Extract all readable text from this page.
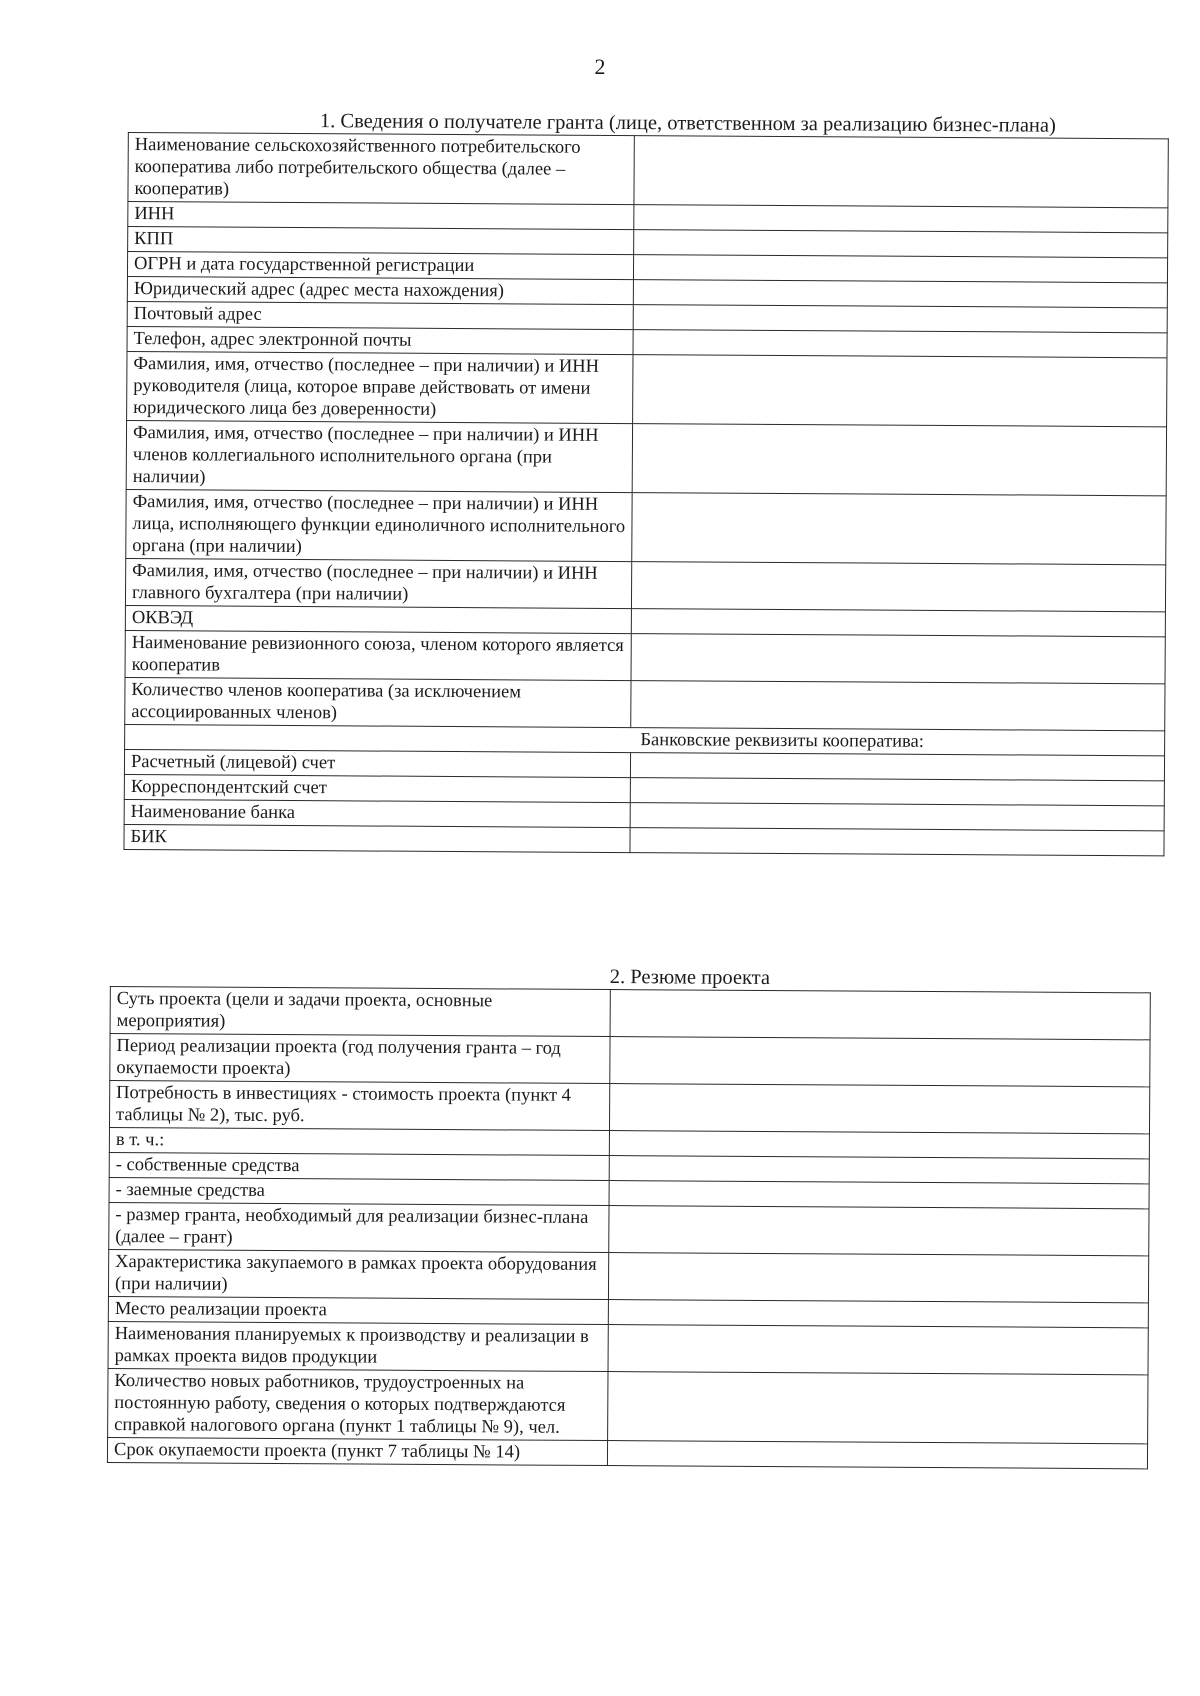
2
1. Сведения о получателе гранта (лице, ответственном за реализацию бизнес-плана)
Наименование сельскохозяйственного потребительского кооператива либо потребительского общества (далее – кооператив)	
ИНН	
КПП	
ОГРН и дата государственной регистрации	
Юридический адрес (адрес места нахождения)	
Почтовый адрес	
Телефон, адрес электронной почты	
Фамилия, имя, отчество (последнее – при наличии) и ИНН руководителя (лица, которое вправе действовать от имени юридического лица без доверенности)	
Фамилия, имя, отчество (последнее – при наличии) и ИНН членов коллегиального исполнительного органа (при наличии)	
Фамилия, имя, отчество (последнее – при наличии) и ИНН лица, исполняющего функции единоличного исполнительного органа (при наличии)	
Фамилия, имя, отчество (последнее – при наличии) и ИНН главного бухгалтера (при наличии)	
ОКВЭД	
Наименование ревизионного союза, членом которого является кооператив	
Количество членов кооператива (за исключением ассоциированных членов)	
Банковские реквизиты кооператива:	
Расчетный (лицевой) счет	
Корреспондентский счет	
Наименование банка	
БИК	
2. Резюме проекта
Суть проекта (цели и задачи проекта, основные мероприятия)	
Период реализации проекта (год получения гранта – год окупаемости проекта)	
Потребность в инвестициях - стоимость проекта (пункт 4 таблицы № 2), тыс. руб.	
в т. ч.:	
- собственные средства	
- заемные средства	
- размер гранта, необходимый для реализации бизнес-плана (далее – грант)	
Характеристика закупаемого в рамках проекта оборудования (при наличии)	
Место реализации проекта	
Наименования планируемых к производству и реализации в рамках проекта видов продукции	
Количество новых работников, трудоустроенных на постоянную работу, сведения о которых подтверждаются справкой налогового органа (пункт 1 таблицы № 9), чел.	
Срок окупаемости проекта (пункт 7 таблицы № 14)	
